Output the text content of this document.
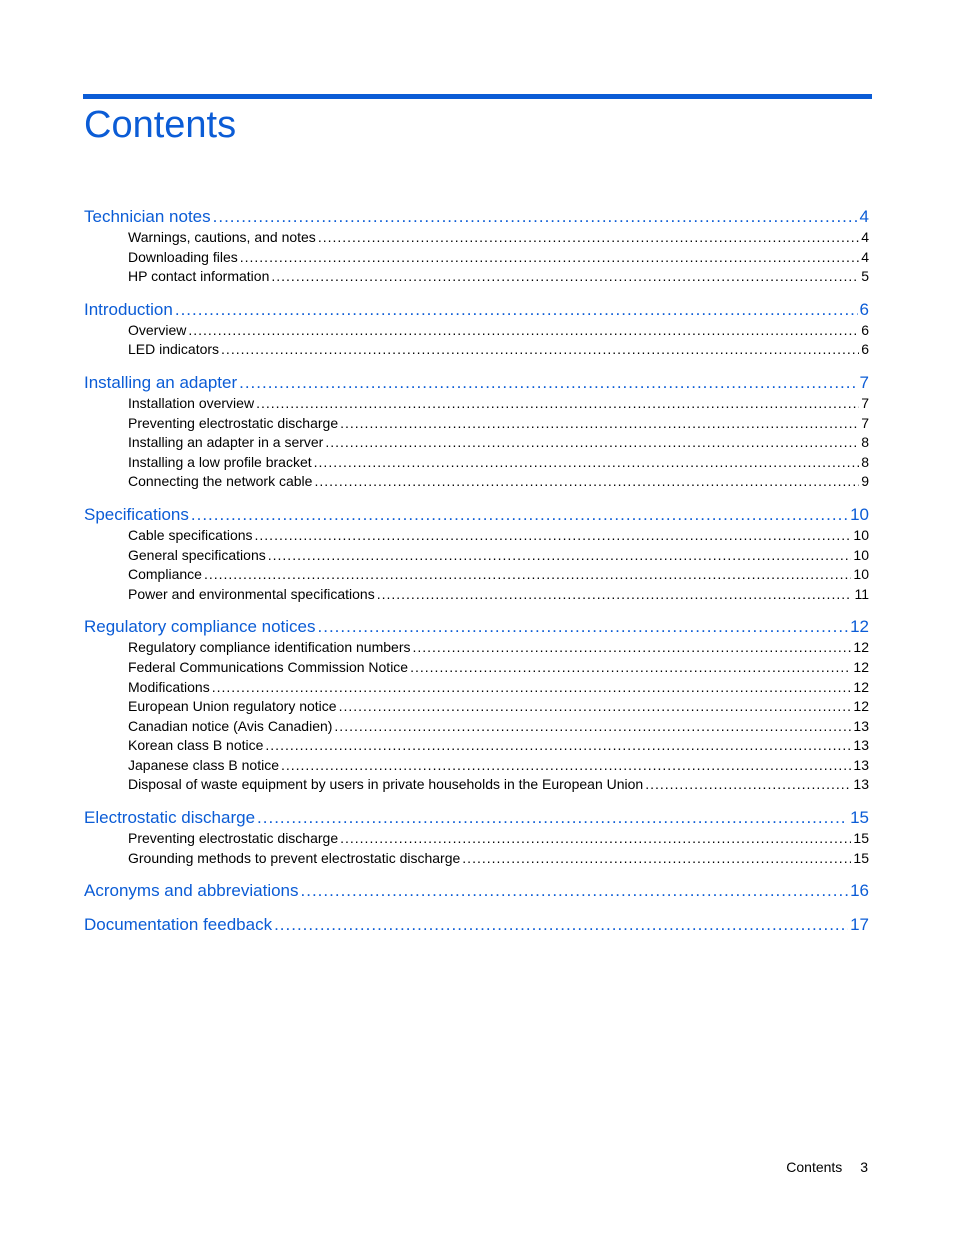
Contents
Technician notes .....	4
Warnings, cautions, and notes .....	4
Downloading files .....	4
HP contact information .....	5
Introduction .....	6
Overview .....	6
LED indicators .....	6
Installing an adapter .....	7
Installation overview .....	7
Preventing electrostatic discharge .....	7
Installing an adapter in a server .....	8
Installing a low profile bracket .....	8
Connecting the network cable .....	9
Specifications .....	10
Cable specifications .....	10
General specifications .....	10
Compliance .....	10
Power and environmental specifications .....	11
Regulatory compliance notices .....	12
Regulatory compliance identification numbers .....	12
Federal Communications Commission Notice .....	12
Modifications .....	12
European Union regulatory notice .....	12
Canadian notice (Avis Canadien) .....	13
Korean class B notice .....	13
Japanese class B notice .....	13
Disposal of waste equipment by users in private households in the European Union .....	13
Electrostatic discharge .....	15
Preventing electrostatic discharge .....	15
Grounding methods to prevent electrostatic discharge .....	15
Acronyms and abbreviations .....	16
Documentation feedback .....	17
Contents 3
